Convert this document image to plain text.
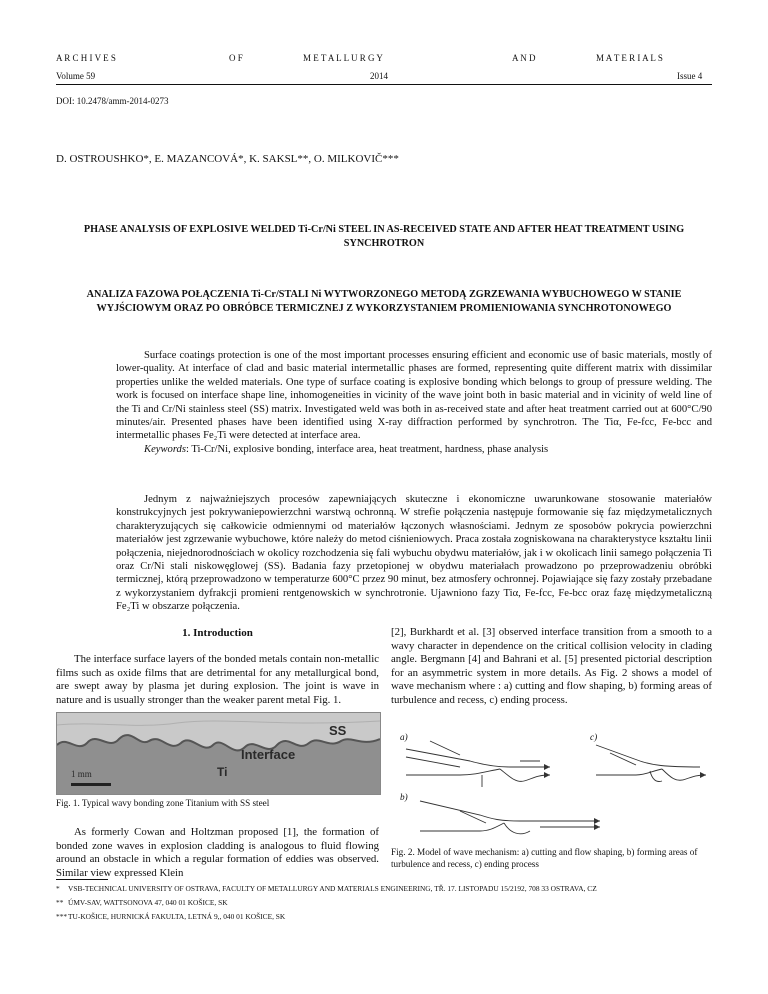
A R C H I V E S	O F	M E T A L L U R G Y	A N D	M A T E R I A L S
Volume 59	2014	Issue 4
DOI: 10.2478/amm-2014-0273
D. OSTROUSHKO*, E. MAZANCOVÁ*, K. SAKSL**, O. MILKOVIČ***
PHASE ANALYSIS OF EXPLOSIVE WELDED Ti-Cr/Ni STEEL IN AS-RECEIVED STATE AND AFTER HEAT TREATMENT USING SYNCHROTRON
ANALIZA FAZOWA POŁĄCZENIA Ti-Cr/STALI Ni WYTWORZONEGO METODĄ ZGRZEWANIA WYBUCHOWEGO W STANIE WYJŚCIOWYM ORAZ PO OBRÓBCE TERMICZNEJ Z WYKORZYSTANIEM PROMIENIOWANIA SYNCHROTONOWEGO

Surface coatings protection is one of the most important processes ensuring efficient and economic use of basic materials, mostly of lower-quality. At interface of clad and basic material intermetallic phases are formed, representing quite different matrix with dissimilar properties unlike the welded materials. One type of surface coating is explosive bonding which belongs to group of pressure welding. The work is focused on interface shape line, inhomogeneities in vicinity of the wave joint both in basic material and in vicinity of weld line of the Ti and Cr/Ni stainless steel (SS) matrix. Investigated weld was both in as-received state and after heat treatment carried out at 600°C/90 minutes/air. Presented phases have been identified using X-ray diffraction performed by synchrotron. The Tiα, Fe-fcc, Fe-bcc and intermetallic phases Fe₂Ti were detected at interface area.

Keywords: Ti-Cr/Ni, explosive bonding, interface area, heat treatment, hardness, phase analysis

Jednym z najważniejszych procesów zapewniających skuteczne i ekonomiczne uwarunkowane stosowanie materiałów konstrukcyjnych jest pokrywaniepowierzchni warstwą ochronną. W strefie połączenia następuje formowanie się faz międzymetalicznych charakteryzujących się całkowicie odmiennymi od materiałów łączonych własnościami. Jednym ze sposobów pokrycia powierzchni materiałów jest zgrzewanie wybuchowe, które należy do metod ciśnieniowych. Praca została zogniskowana na charakterystyce kształtu linii połączenia, niejednorodnościach w okolicy rozchodzenia się fali wybuchu obydwu materiałów, jak i w okolicach linii samego połączenia Ti oraz Cr/Ni stali niskowęglowej (SS). Badania fazy przetopionej w obydwu materiałach prowadzono po przeprowadzeniu obróbki termicznej, którą przeprowadzono w temperaturze 600°C przez 90 minut, bez atmosfery ochronnej. Pojawiające się fazy zostały przebadane z wykorzystaniem dyfrakcji promieni rentgenowskich w synchrotronie. Ujawniono fazy Tiα, Fe-fcc, Fe-bcc oraz fazę międzymetaliczną Fe₂Ti w obszarze połączenia.

1. Introduction

The interface surface layers of the bonded metals contain non-metallic films such as oxide films that are detrimental for any metallurgical bond, are swept away by plasma jet during explosion. The joint is wave in nature and is usually stronger than the weaker parent metal Fig. 1.

Interface
SS
Ti
1 mm
Fig. 1. Typical wavy bonding zone Titanium with SS steel

As formerly Cowan and Holtzman proposed [1], the formation of bonded zone waves in explosion cladding is analogous to fluid flowing around an obstacle in which a regular formation of eddies was observed. Similar view expressed Klein

[2], Burkhardt et al. [3] observed interface transition from a smooth to a wavy character in dependence on the critical collision velocity in clading angle. Bergmann [4] and Bahrani et al. [5] presented pictorial description for an asymmetric system in more details. As Fig. 2 shows a model of wave mechanism where : a) cutting and flow shaping, b) forming areas of turbulence and recess, c) ending process.

a)	c)
b)
Fig. 2. Model of wave mechanism: a) cutting and flow shaping, b) forming areas of turbulence and recess, c) ending process
* VSB-TECHNICAL UNIVERSITY OF OSTRAVA, FACULTY OF METALLURGY AND MATERIALS ENGINEERING, TŘ. 17. LISTOPADU 15/2192, 708 33 OSTRAVA, CZ
** ÚMV-SAV, WATTSONOVA 47, 040 01 KOŠICE, SK
***TU-KOŠICE, HURNICKÁ FAKULTA, LETNÁ 9,, 040 01 KOŠICE, SK
